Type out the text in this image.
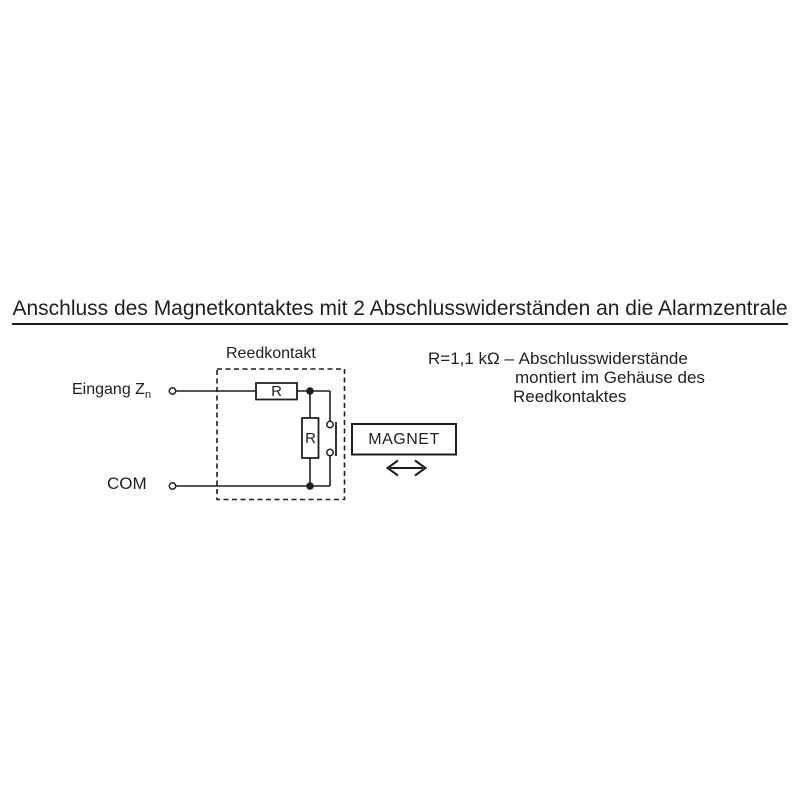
Anschluss des Magnetkontaktes mit 2 Abschlusswiderständen an die Alarmzentrale
Reedkontakt
Eingang $Z_n$
COM
R
R	MAGNET
R=1,1 kΩ – Abschlusswiderstände
montiert im Gehäuse des
Reedkontaktes
